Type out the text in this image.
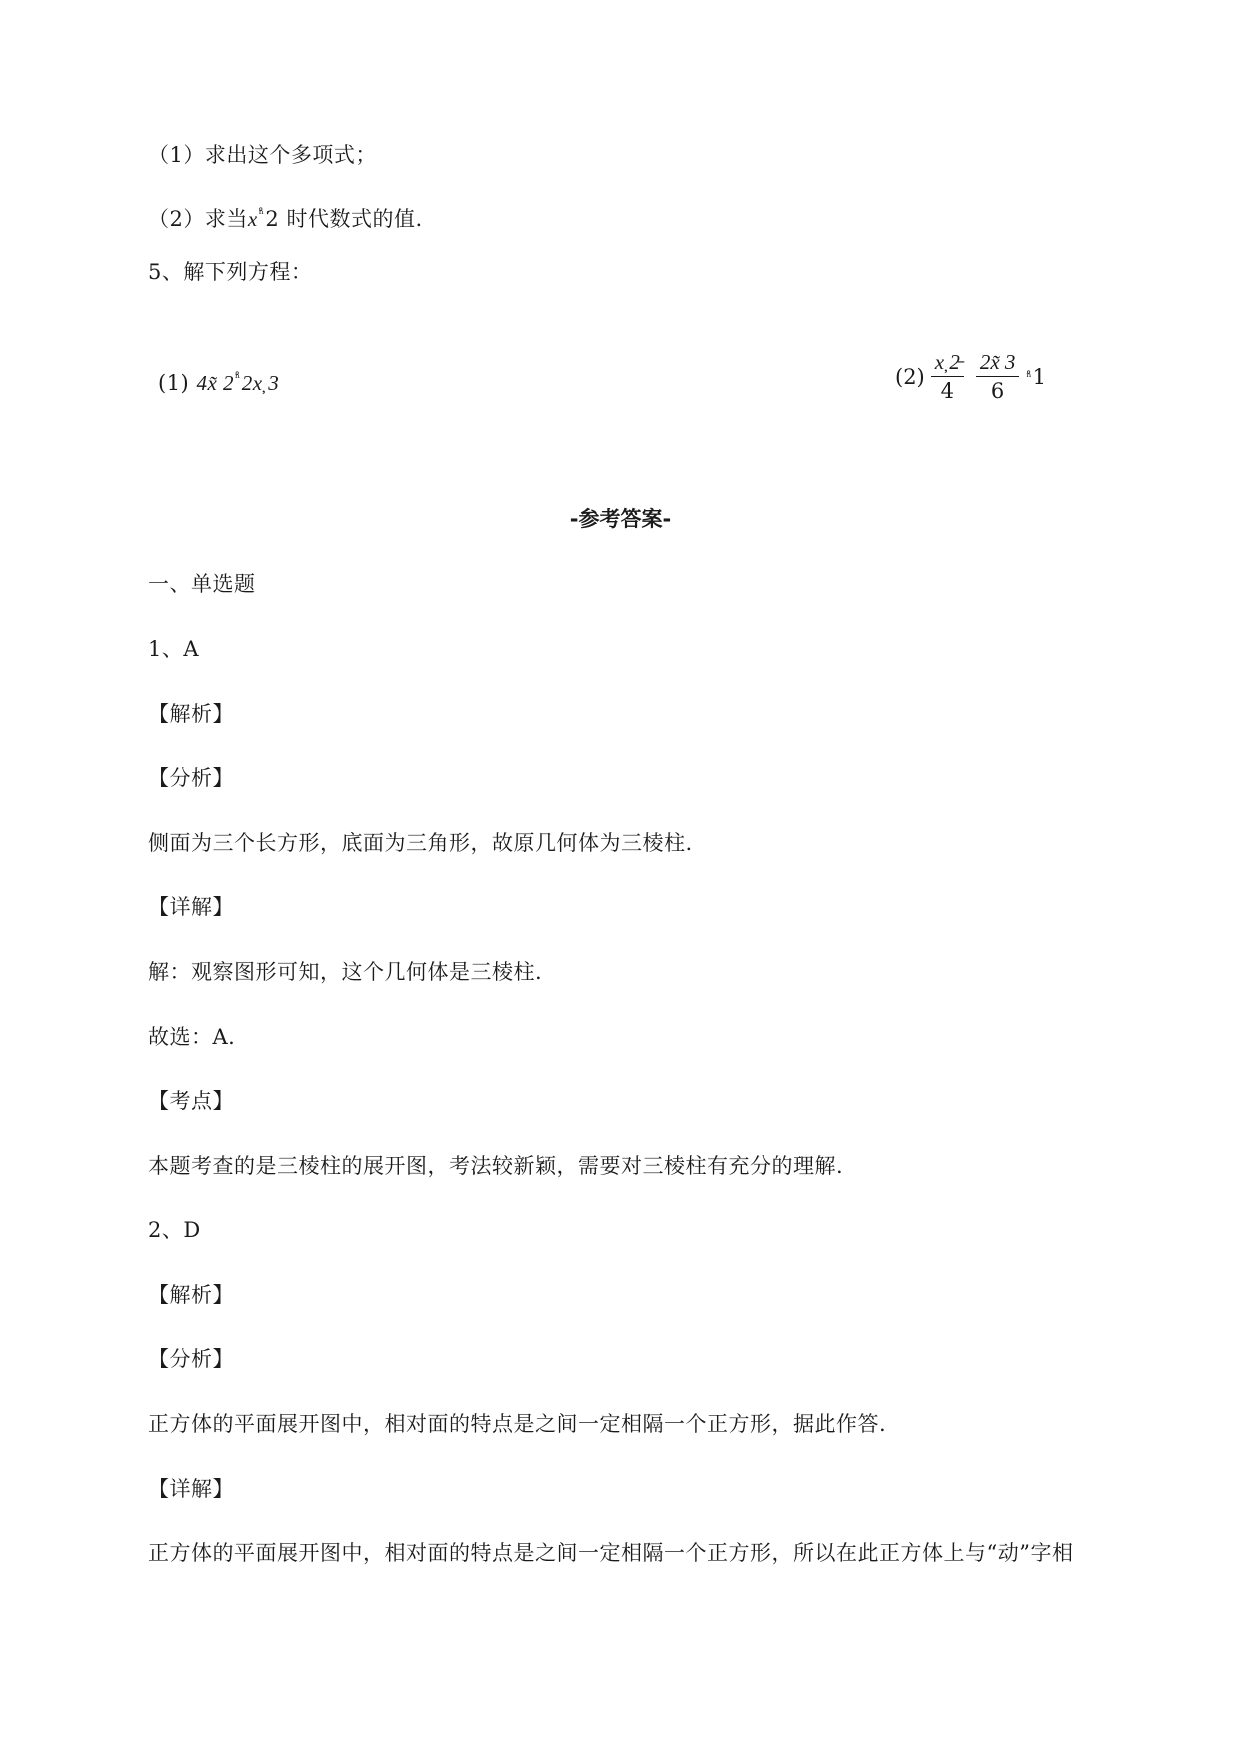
（1）求出这个多项式；
（2）求当$x^{^n̊}2$ 时代数式的值.
5、解下列方程：
(1) 4x̃ $2^{^n̊}2x̦$ 3	$(2) \frac{x̦ 2̵}{4} \frac{2x̃ 3}{6}$ ⁿ̊ 1
-参考答案-
一、单选题
1、A
【解析】
【分析】
侧面为三个长方形，底面为三角形，故原几何体为三棱柱.
【详解】
解：观察图形可知，这个几何体是三棱柱.
故选：A.
【考点】
本题考查的是三棱柱的展开图，考法较新颖，需要对三棱柱有充分的理解.
2、D
【解析】
【分析】
正方体的平面展开图中，相对面的特点是之间一定相隔一个正方形，据此作答.
【详解】
正方体的平面展开图中，相对面的特点是之间一定相隔一个正方形，所以在此正方体上与“动”字相
